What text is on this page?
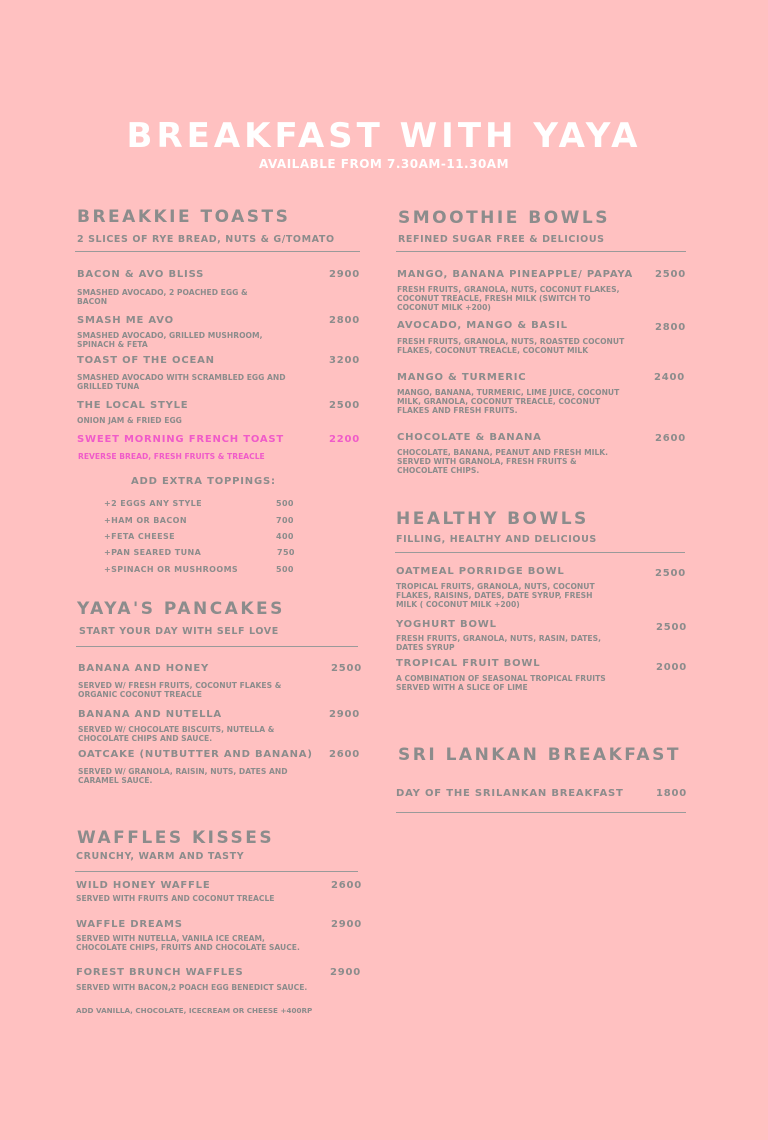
BREAKFAST WITH YAYA
AVAILABLE FROM 7.30AM-11.30AM
BREAKKIE TOASTS
2 SLICES OF RYE BREAD, NUTS & G/TOMATO
BACON & AVO BLISS	2900
SMASHED AVOCADO, 2 POACHED EGG & BACON
SMASH ME AVO	2800
SMASHED AVOCADO, GRILLED MUSHROOM, SPINACH & FETA
TOAST OF THE OCEAN	3200
SMASHED AVOCADO WITH SCRAMBLED EGG AND GRILLED TUNA
THE LOCAL STYLE	2500
ONION JAM & FRIED EGG
SWEET MORNING FRENCH TOAST	2200
REVERSE BREAD, FRESH FRUITS & TREACLE
ADD EXTRA TOPPINGS:
+2 EGGS ANY STYLE	500
+HAM OR BACON	700
+FETA CHEESE	400
+PAN SEARED TUNA	750
+SPINACH OR MUSHROOMS	500
YAYA'S PANCAKES
START YOUR DAY WITH SELF LOVE
BANANA AND HONEY	2500
SERVED W/ FRESH FRUITS, COCONUT FLAKES & ORGANIC COCONUT TREACLE
BANANA AND NUTELLA	2900
SERVED W/ CHOCOLATE BISCUITS, NUTELLA & CHOCOLATE CHIPS AND SAUCE.
OATCAKE (NUTBUTTER AND BANANA) 2600
SERVED W/ GRANOLA, RAISIN, NUTS, DATES AND CARAMEL SAUCE.
WAFFLES KISSES
CRUNCHY, WARM AND TASTY
WILD HONEY WAFFLE	2600
SERVED WITH FRUITS AND COCONUT TREACLE
WAFFLE DREAMS	2900
SERVED WITH NUTELLA, VANILA ICE CREAM, CHOCOLATE CHIPS, FRUITS AND CHOCOLATE SAUCE.
FOREST BRUNCH WAFFLES	2900
SERVED WITH BACON,2 POACH EGG BENEDICT SAUCE.
ADD VANILLA, CHOCOLATE, ICECREAM OR CHEESE +400RP
SMOOTHIE BOWLS
REFINED SUGAR FREE & DELICIOUS
MANGO, BANANA PINEAPPLE/ PAPAYA 2500
FRESH FRUITS, GRANOLA, NUTS, COCONUT FLAKES, COCONUT TREACLE, FRESH MILK (SWITCH TO COCONUT MILK +200)
AVOCADO, MANGO & BASIL	2800
FRESH FRUITS, GRANOLA, NUTS, ROASTED COCONUT FLAKES, COCONUT TREACLE, COCONUT MILK
MANGO & TURMERIC	2400
MANGO, BANANA, TURMERIC, LIME JUICE, COCONUT MILK, GRANOLA, COCONUT TREACLE, COCONUT FLAKES AND FRESH FRUITS.
CHOCOLATE & BANANA	2600
CHOCOLATE, BANANA, PEANUT AND FRESH MILK. SERVED WITH GRANOLA, FRESH FRUITS & CHOCOLATE CHIPS.
HEALTHY BOWLS
FILLING, HEALTHY AND DELICIOUS
OATMEAL PORRIDGE BOWL	2500
TROPICAL FRUITS, GRANOLA, NUTS, COCONUT FLAKES, RAISINS, DATES, DATE SYRUP, FRESH MILK ( COCONUT MILK +200)
YOGHURT BOWL	2500
FRESH FRUITS, GRANOLA, NUTS, RASIN, DATES, DATES SYRUP
TROPICAL FRUIT BOWL	2000
A COMBINATION OF SEASONAL TROPICAL FRUITS SERVED WITH A SLICE OF LIME
SRI LANKAN BREAKFAST
DAY OF THE SRILANKAN BREAKFAST	1800
